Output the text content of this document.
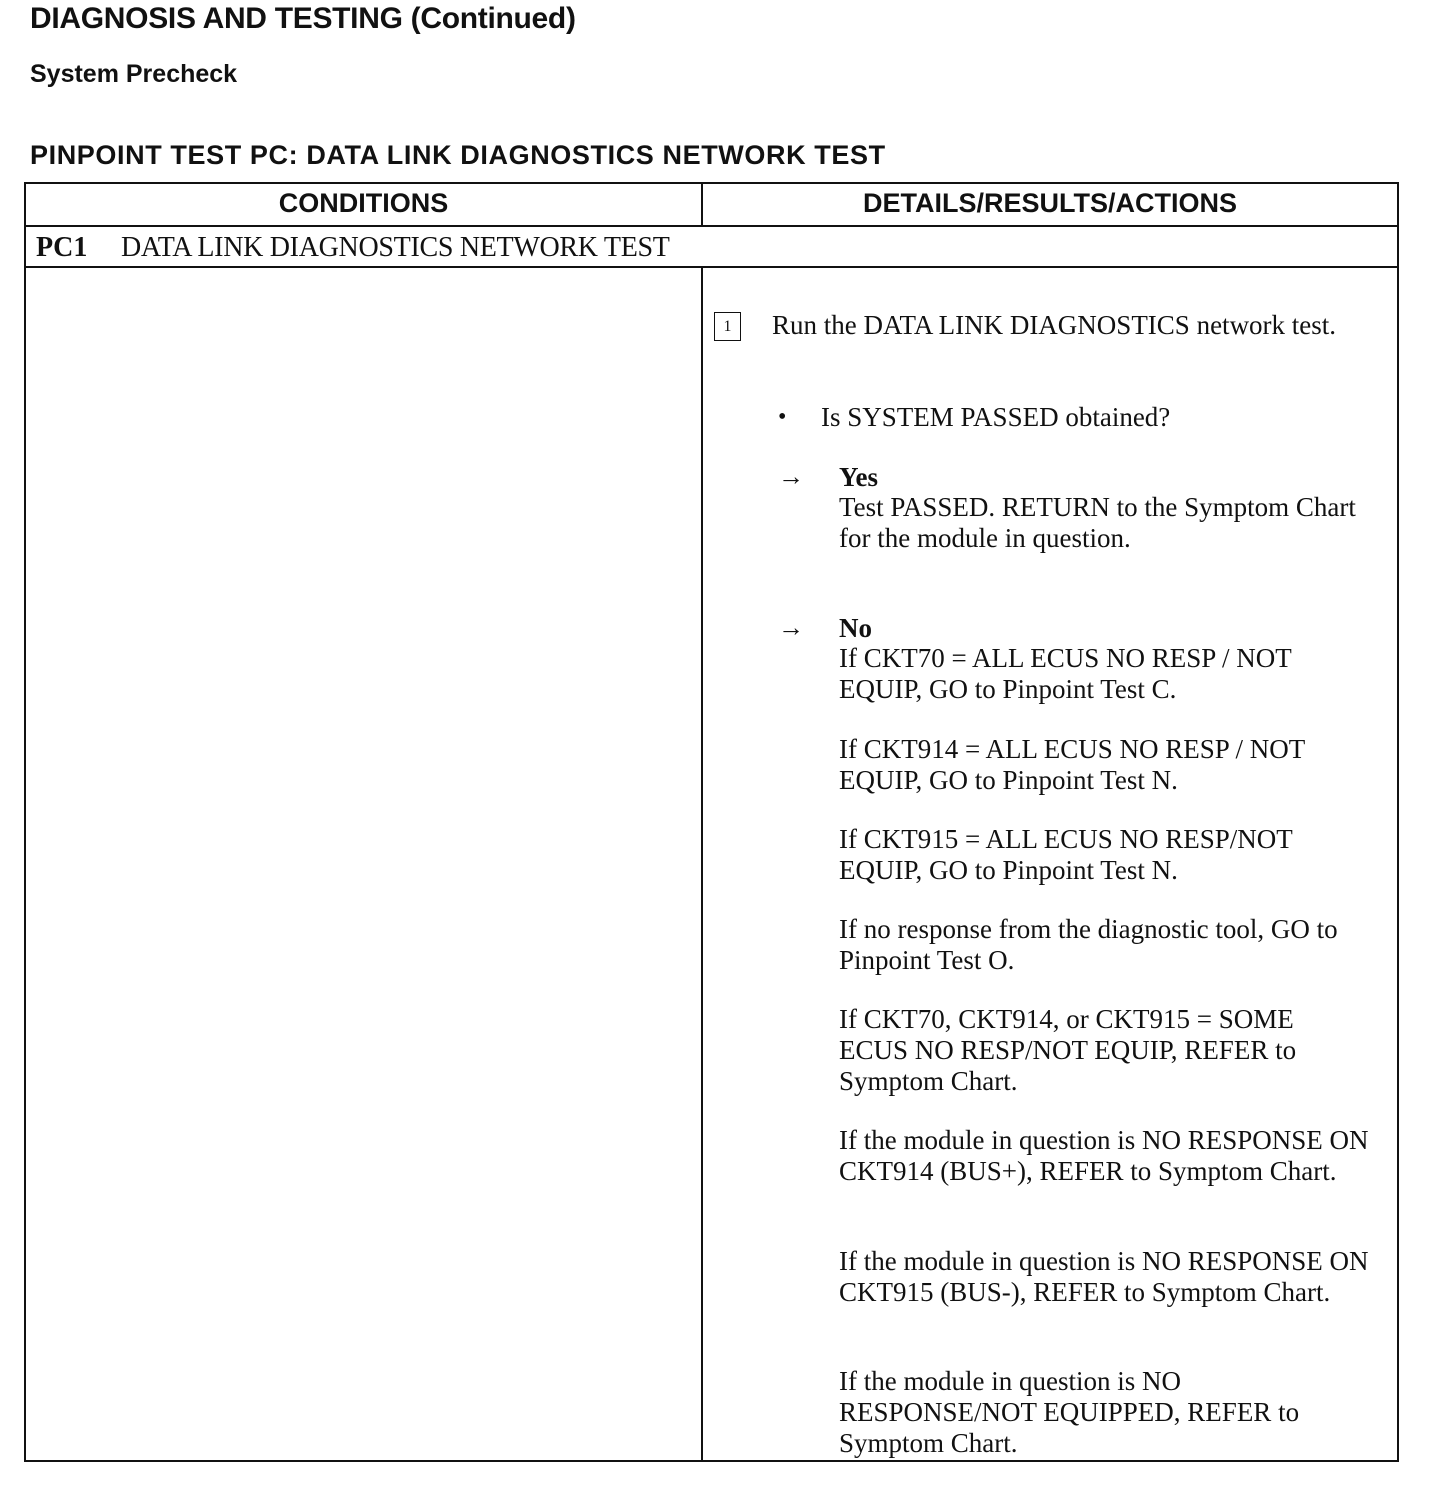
DIAGNOSIS AND TESTING (Continued)
System Precheck
PINPOINT TEST PC: DATA LINK DIAGNOSTICS NETWORK TEST
CONDITIONS	DETAILS/RESULTS/ACTIONS
PC1 DATA LINK DIAGNOSTICS NETWORK TEST
1	Run the DATA LINK DIAGNOSTICS network test.
• Is SYSTEM PASSED obtained?
→ Yes
Test PASSED. RETURN to the Symptom Chart for the module in question.
→ No
If CKT70 = ALL ECUS NO RESP / NOT EQUIP, GO to Pinpoint Test C.
If CKT914 = ALL ECUS NO RESP / NOT EQUIP, GO to Pinpoint Test N.
If CKT915 = ALL ECUS NO RESP/NOT EQUIP, GO to Pinpoint Test N.
If no response from the diagnostic tool, GO to Pinpoint Test O.
If CKT70, CKT914, or CKT915 = SOME ECUS NO RESP/NOT EQUIP, REFER to Symptom Chart.
If the module in question is NO RESPONSE ON CKT914 (BUS+), REFER to Symptom Chart.
If the module in question is NO RESPONSE ON CKT915 (BUS-), REFER to Symptom Chart.
If the module in question is NO RESPONSE/NOT EQUIPPED, REFER to Symptom Chart.
